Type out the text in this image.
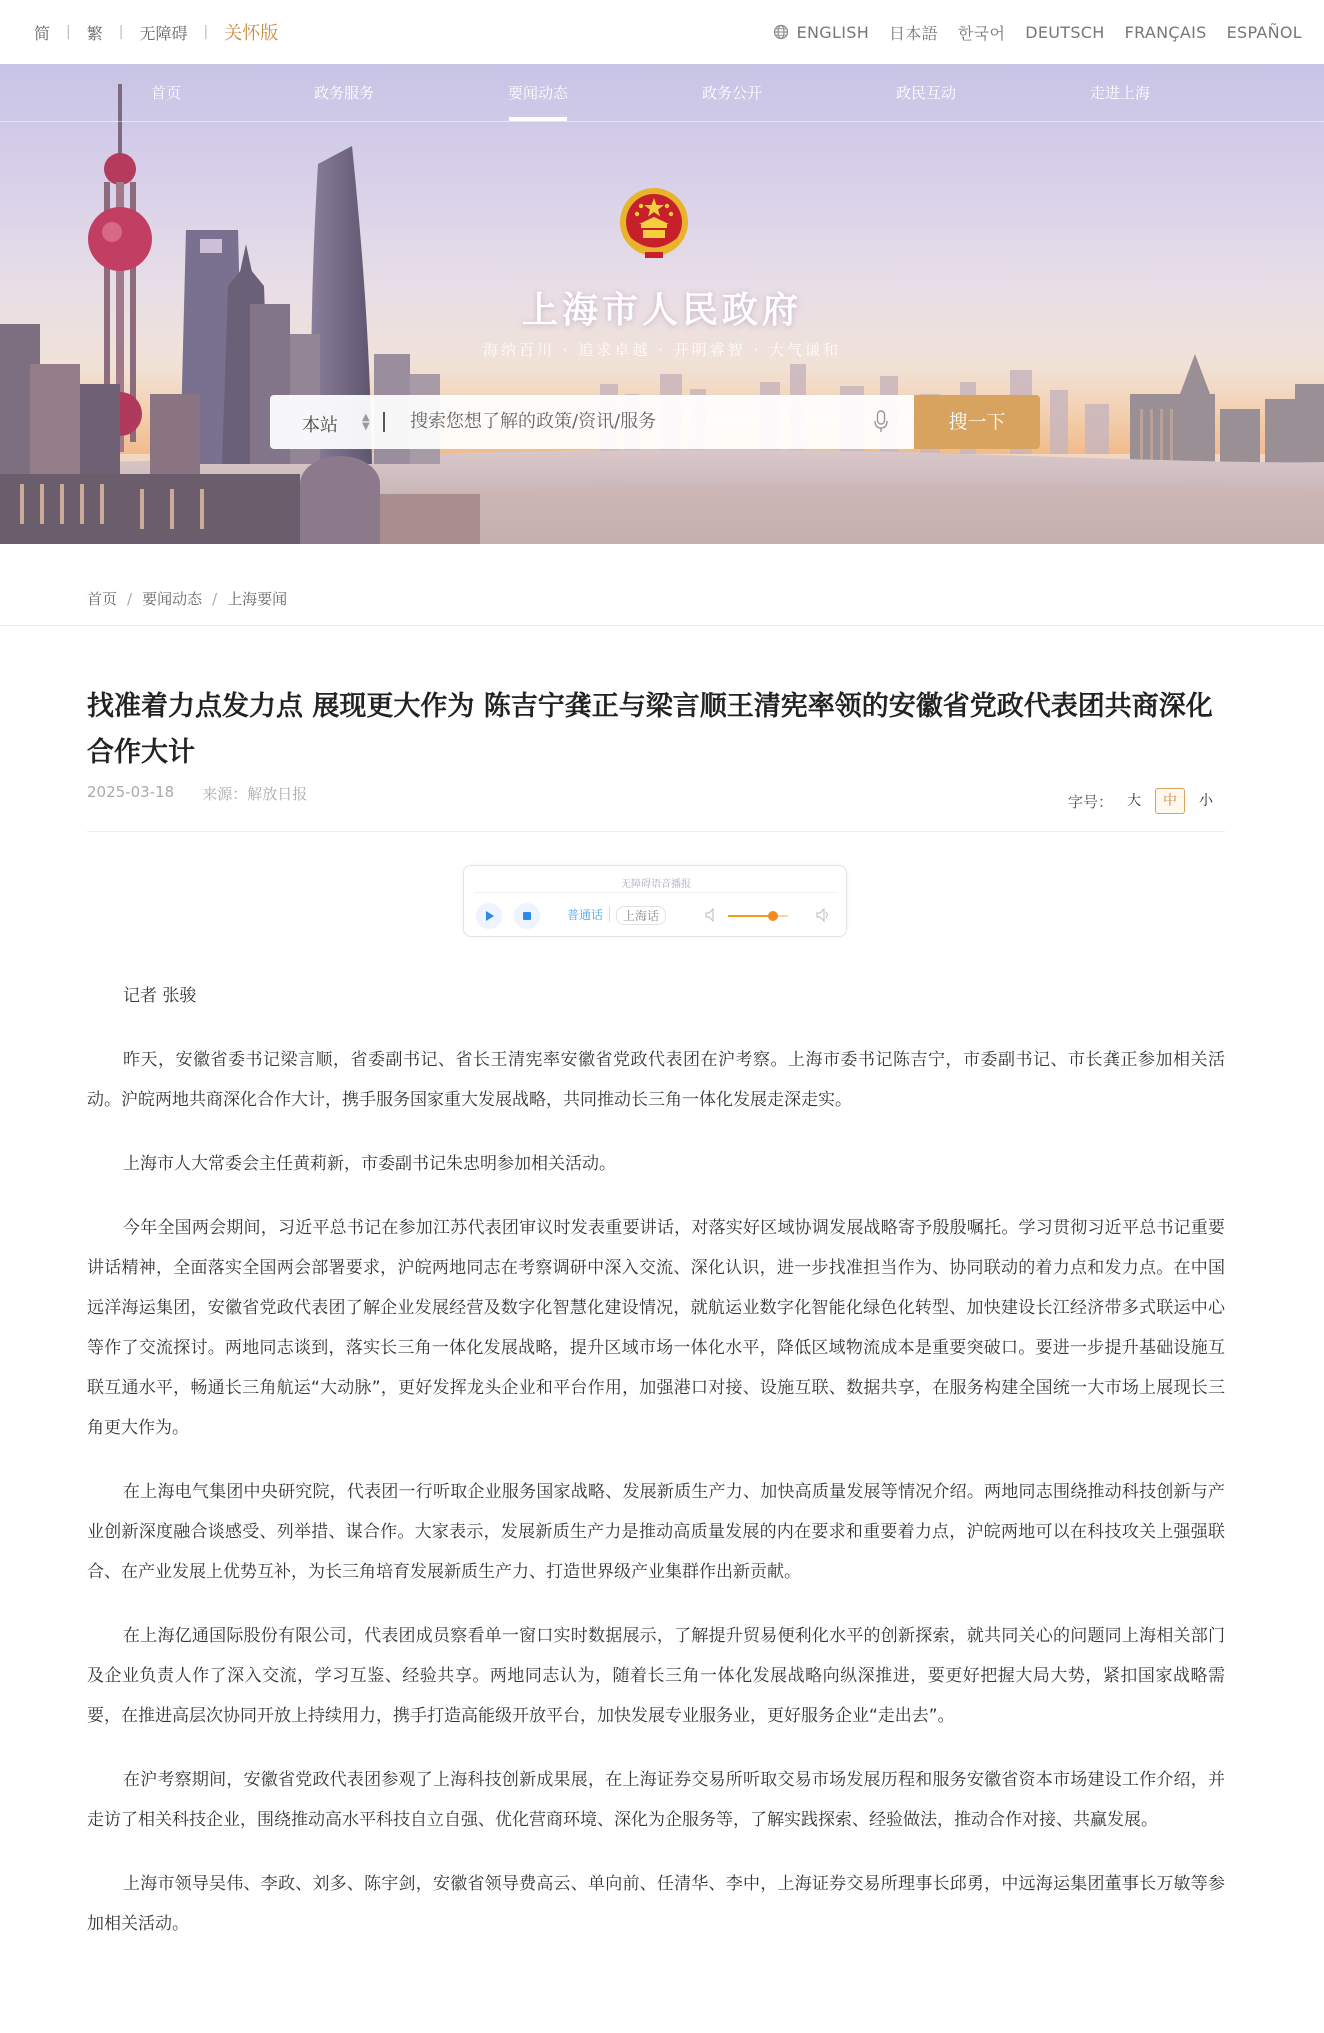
简 | 繁 | 无障碍 | 关怀版	ENGLISH 日本語 한국어 DEUTSCH FRANÇAIS ESPAÑOL
首页	政务服务	要闻动态	政务公开	政民互动	走进上海
上海市人民政府
海纳百川 · 追求卓越 · 开明睿智 · 大气谦和
本站 ▲
▼
搜索您想了解的政策/资讯/服务	搜一下
首页 / 要闻动态 / 上海要闻
找准着力点发力点 展现更大作为 陈吉宁龚正与梁言顺王清宪率领的安徽省党政代表团共商深化合作大计
2025-03-18 来源：解放日报	字号：	大	中	小
无障碍语音播报
普通话	上海话

记者 张骏

昨天，安徽省委书记梁言顺，省委副书记、省长王清宪率安徽省党政代表团在沪考察。上海市委书记陈吉宁，市委副书记、市长龚正参加相关活动。沪皖两地共商深化合作大计，携手服务国家重大发展战略，共同推动长三角一体化发展走深走实。

上海市人大常委会主任黄莉新，市委副书记朱忠明参加相关活动。

今年全国两会期间，习近平总书记在参加江苏代表团审议时发表重要讲话，对落实好区域协调发展战略寄予殷殷嘱托。学习贯彻习近平总书记重要讲话精神，全面落实全国两会部署要求，沪皖两地同志在考察调研中深入交流、深化认识，进一步找准担当作为、协同联动的着力点和发力点。在中国远洋海运集团，安徽省党政代表团了解企业发展经营及数字化智慧化建设情况，就航运业数字化智能化绿色化转型、加快建设长江经济带多式联运中心等作了交流探讨。两地同志谈到，落实长三角一体化发展战略，提升区域市场一体化水平，降低区域物流成本是重要突破口。要进一步提升基础设施互联互通水平，畅通长三角航运“大动脉”，更好发挥龙头企业和平台作用，加强港口对接、设施互联、数据共享，在服务构建全国统一大市场上展现长三角更大作为。

在上海电气集团中央研究院，代表团一行听取企业服务国家战略、发展新质生产力、加快高质量发展等情况介绍。两地同志围绕推动科技创新与产业创新深度融合谈感受、列举措、谋合作。大家表示，发展新质生产力是推动高质量发展的内在要求和重要着力点，沪皖两地可以在科技攻关上强强联合、在产业发展上优势互补，为长三角培育发展新质生产力、打造世界级产业集群作出新贡献。

在上海亿通国际股份有限公司，代表团成员察看单一窗口实时数据展示，了解提升贸易便利化水平的创新探索，就共同关心的问题同上海相关部门及企业负责人作了深入交流，学习互鉴、经验共享。两地同志认为，随着长三角一体化发展战略向纵深推进，要更好把握大局大势，紧扣国家战略需要，在推进高层次协同开放上持续用力，携手打造高能级开放平台，加快发展专业服务业，更好服务企业“走出去”。

在沪考察期间，安徽省党政代表团参观了上海科技创新成果展，在上海证券交易所听取交易市场发展历程和服务安徽省资本市场建设工作介绍，并走访了相关科技企业，围绕推动高水平科技自立自强、优化营商环境、深化为企服务等，了解实践探索、经验做法，推动合作对接、共赢发展。

上海市领导吴伟、李政、刘多、陈宇剑，安徽省领导费高云、单向前、任清华、李中，上海证券交易所理事长邱勇，中远海运集团董事长万敏等参加相关活动。
